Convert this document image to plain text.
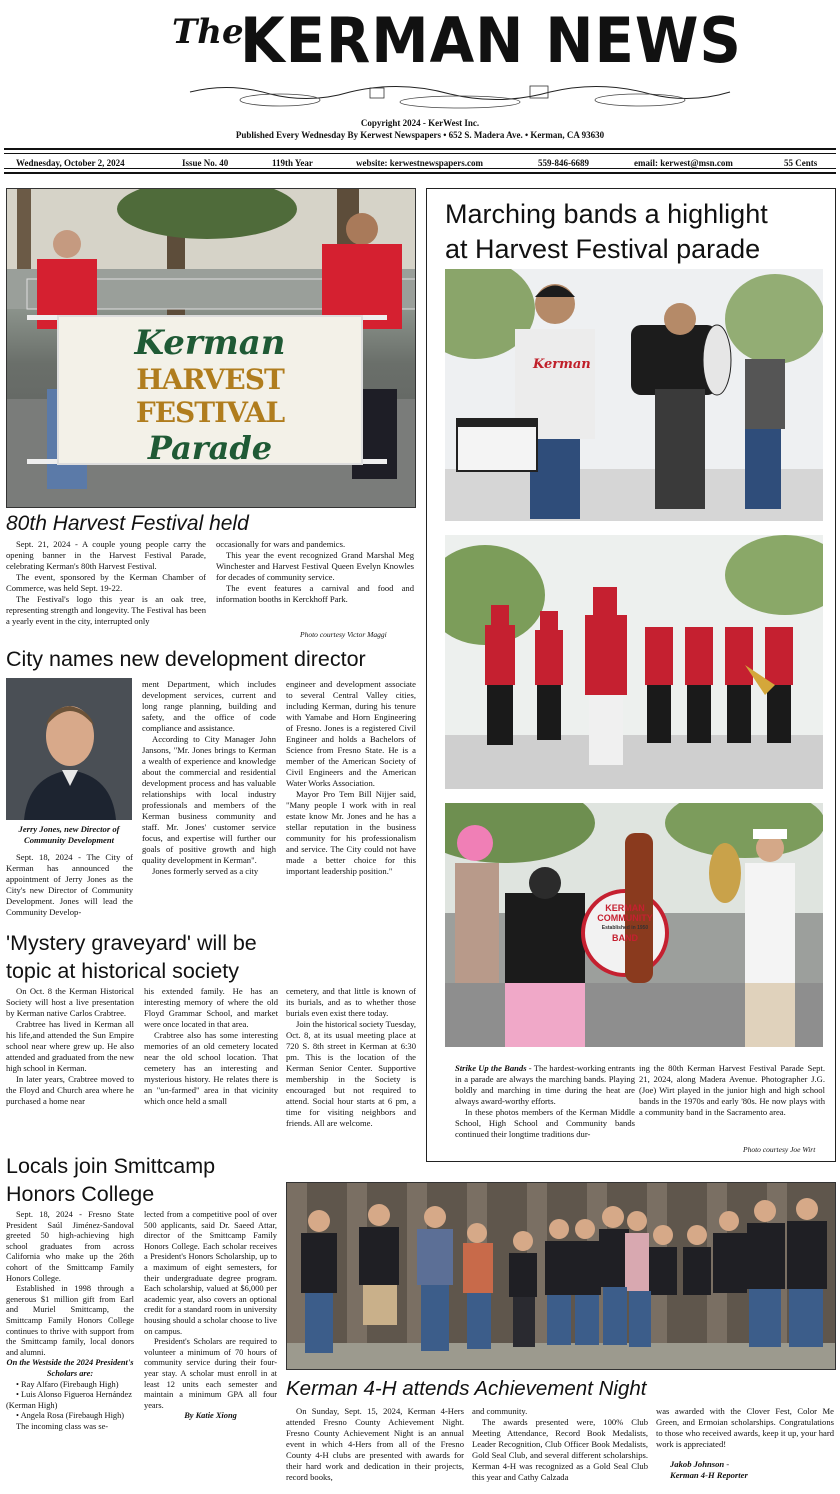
The
KERMAN NEWS
Copyright 2024 - KerWest Inc.
Published Every Wednesday By Kerwest Newspapers • 652 S. Madera Ave. • Kerman, CA 93630
Wednesday, October 2, 2024	Issue No. 40	119th Year	website: kerwestnewspapers.com	559-846-6689	email: kerwest@msn.com	55 Cents
Kerman
HARVEST FESTIVAL
Parade
80th Harvest Festival held

Sept. 21, 2024 - A couple young people carry the opening banner in the Harvest Festival Parade, celebrating Kerman's 80th Harvest Festival.

The event, sponsored by the Kerman Chamber of Commerce, was held Sept. 19-22.

The Festival's logo this year is an oak tree, representing strength and longevity. The Festival has been a yearly event in the city, interrupted only

occasionally for wars and pandemics.

This year the event recognized Grand Marshal Meg Winchester and Harvest Festival Queen Evelyn Knowles for decades of community service.

The event features a carnival and food and information booths in Kerckhoff Park.

Photo courtesy Victor Maggi
City names new development director
Jerry Jones, new Director of Community Development

Sept. 18, 2024 - The City of Kerman has announced the appointment of Jerry Jones as the City's new Director of Community Development. Jones will lead the Community Develop-

ment Department, which includes development services, current and long range planning, building and safety, and the office of code compliance and assistance.

According to City Manager John Jansons, "Mr. Jones brings to Kerman a wealth of experience and knowledge about the commercial and residential development process and has valuable relationships with local industry professionals and members of the Kerman business community and staff. Mr. Jones' customer service focus, and expertise will further our goals of positive growth and high quality development in Kerman".

Jones formerly served as a city

engineer and development associate to several Central Valley cities, including Kerman, during his tenure with Yamabe and Horn Engineering of Fresno. Jones is a registered Civil Engineer and holds a Bachelors of Science from Fresno State. He is a member of the American Society of Civil Engineers and the American Water Works Association.

Mayor Pro Tem Bill Nijjer said, "Many people I work with in real estate know Mr. Jones and he has a stellar reputation in the business community for his professionalism and service. The City could not have made a better choice for this important leadership position."

'Mystery graveyard' will be
topic at historical society

On Oct. 8 the Kerman Historical Society will host a live presentation by Kerman native Carlos Crabtree.

Crabtree has lived in Kerman all his life,and attended the Sun Empire school near where grew up. He also attended and graduated from the new high school in Kerman.

In later years, Crabtree moved to the Floyd and Church area where he purchased a home near

his extended family. He has an interesting memory of where the old Floyd Grammar School, and market were once located in that area.

Crabtree also has some interesting memories of an old cemetery located near the old school location. That cemetery has an interesting and mysterious history. He relates there is an "un-farmed" area in that vicinity which once held a small

cemetery, and that little is known of its burials, and as to whether those burials even exist there today.

Join the historical society Tuesday, Oct. 8, at its usual meeting place at 720 S. 8th street in Kerman at 6:30 pm. This is the location of the Kerman Senior Center. Supportive membership in the Society is encouraged but not required to attend. Social hour starts at 6 pm, a time for visiting neighbors and friends. All are welcome.

Marching bands a highlight
at Harvest Festival parade
Kerman
KERMAN
COMMUNITY
Established in 1950
BAND

Strike Up the Bands - The hardest-working entrants in a parade are always the marching bands. Playing boldly and marching in time during the heat are always award-worthy efforts.

In these photos members of the Kerman Middle School, High School and Community bands continued their longtime traditions dur-

ing the 80th Kerman Harvest Festival Parade Sept. 21, 2024, along Madera Avenue. Photographer J.G. (Joe) Wirt played in the junior high and high school bands in the 1970s and early '80s. He now plays with a community band in the Sacramento area.

Photo courtesy Joe Wirt
Locals join Smittcamp
Honors College

Sept. 18, 2024 - Fresno State President Saúl Jiménez-Sandoval greeted 50 high-achieving high school graduates from across California who make up the 26th cohort of the Smittcamp Family Honors College.

Established in 1998 through a generous $1 million gift from Earl and Muriel Smittcamp, the Smittcamp Family Honors College continues to thrive with support from the Smittcamp family, local donors and alumni.

On the Westside the 2024 President's Scholars are:

• Ray Alfaro (Firebaugh High)

• Luis Alonso Figueroa Hernández

(Kerman High)

• Angela Rosa (Firebaugh High)

The incoming class was se-

lected from a competitive pool of over 500 applicants, said Dr. Saeed Attar, director of the Smittcamp Family Honors College. Each scholar receives a President's Honors Scholarship, up to a maximum of eight semesters, for their undergraduate degree program. Each scholarship, valued at $6,000 per academic year, also covers an optional credit for a standard room in university housing should a scholar choose to live on campus.

President's Scholars are required to volunteer a minimum of 70 hours of community service during their four-year stay. A scholar must enroll in at least 12 units each semester and maintain a minimum GPA all four years.

By Katie Xiong

Kerman 4-H attends Achievement Night

On Sunday, Sept. 15, 2024, Kerman 4-Hers attended Fresno County Achievement Night. Fresno County Achievement Night is an annual event in which 4-Hers from all of the Fresno County 4-H clubs are presented with awards for their hard work and dedication in their projects, record books,

and community.

The awards presented were, 100% Club Meeting Attendance, Record Book Medalists, Leader Recognition, Club Officer Book Medalists, Gold Seal Club, and several different scholarships. Kerman 4-H was recognized as a Gold Seal Club this year and Cathy Calzada

was awarded with the Clover Fest, Color Me Green, and Ermoian scholarships. Congratulations to those who received awards, keep it up, your hard work is appreciated!

Jakob Johnson -

Kerman 4-H Reporter
